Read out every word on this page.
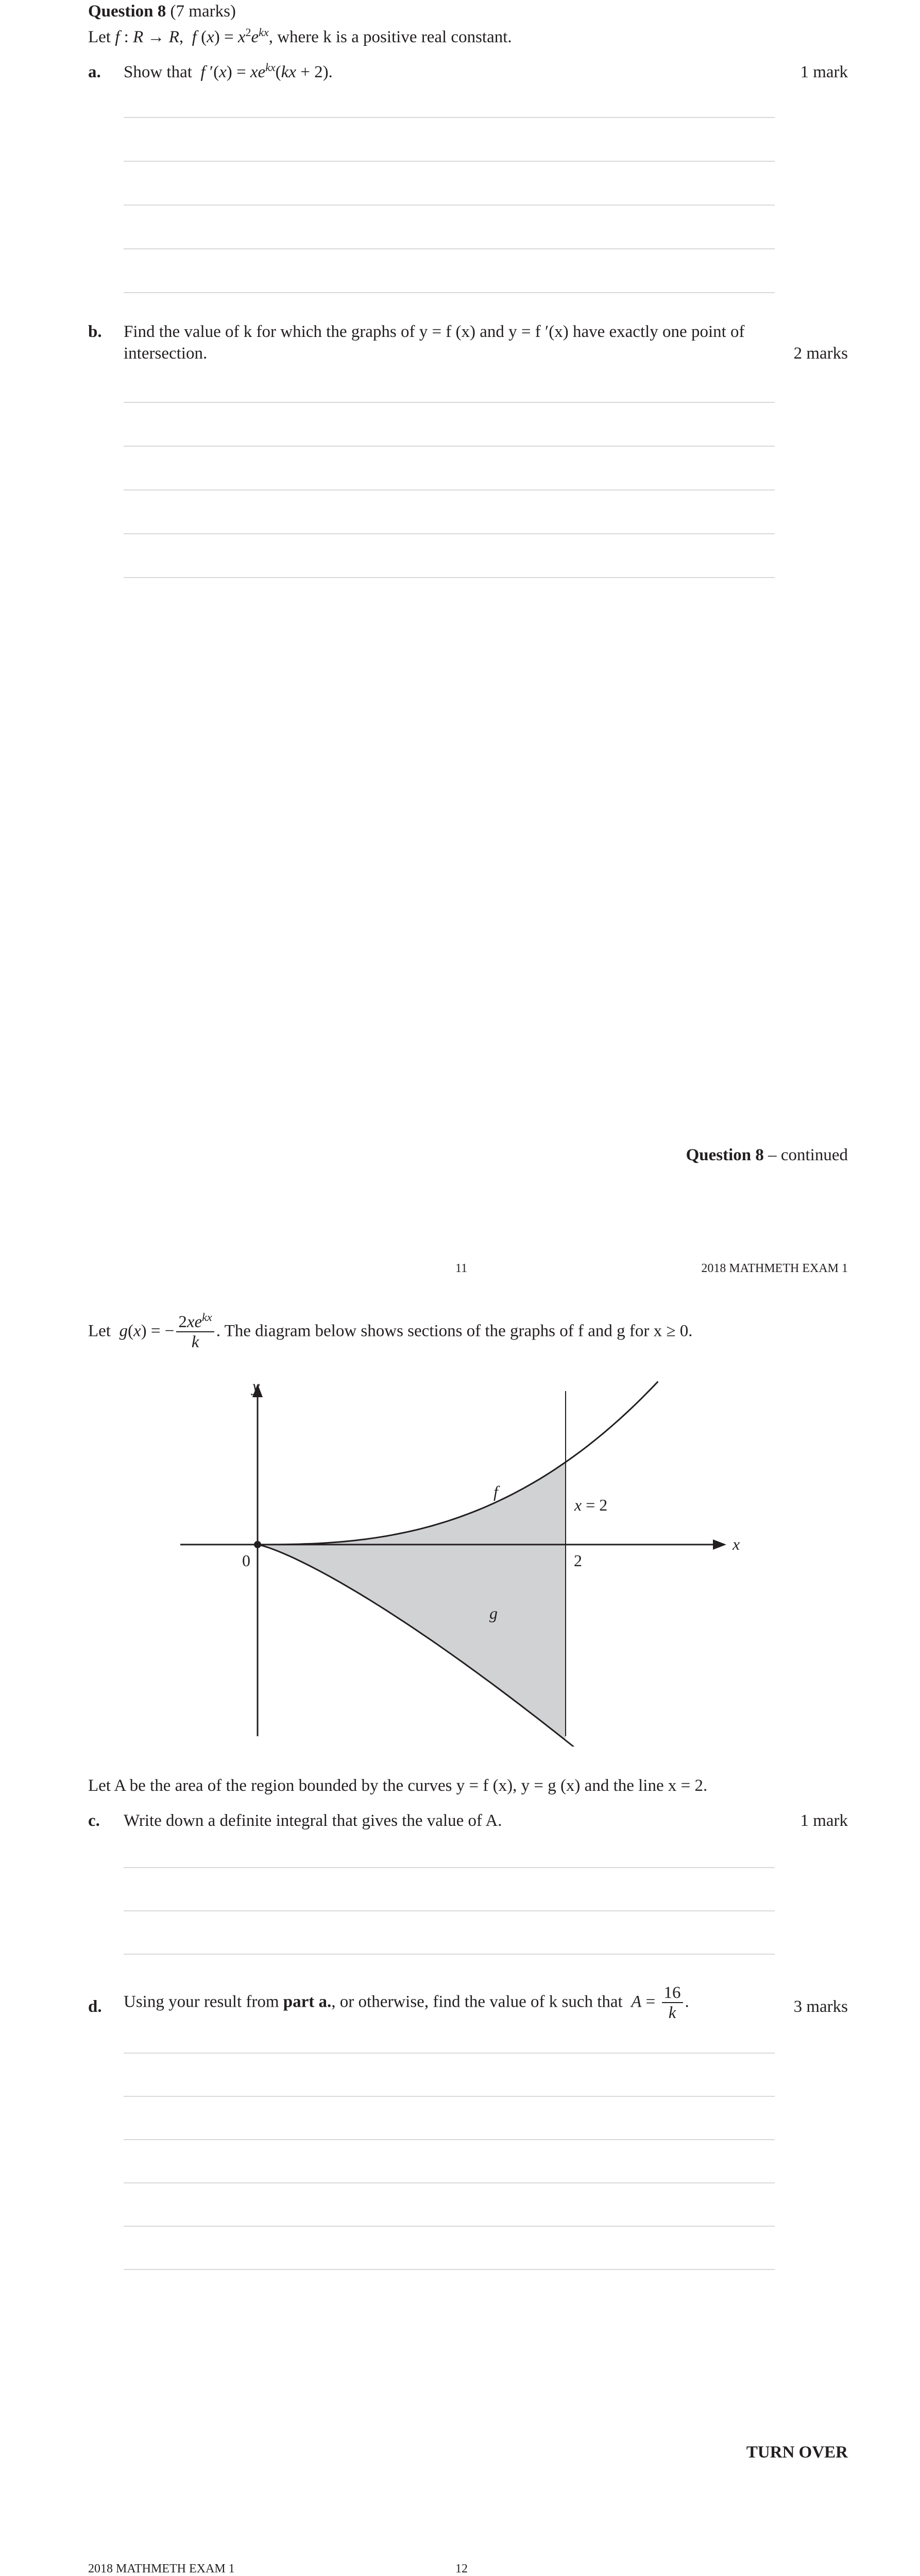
Question 8 (7 marks)
Let f : R → R,  f $(x) = x^2e^{kx}$, where k is a positive real constant.
a. Show that f $'(x) = xe^{kx}(kx + 2)$.	1 mark
b. Find the value of k for which the graphs of y = f (x) and y = f ′(x) have exactly one point of
intersection.	2 marks
Question 8 – continued
11	2018 MATHMETH EXAM 1
Let g(x) = − $\frac{2xe^{kx}}{k}$ . The diagram below shows sections of the graphs of f and g for x ≥ 0.
y
x
0	2
x = 2
f
g
Let A be the area of the region bounded by the curves y = f (x), y = g (x) and the line x = 2.
c. Write down a definite integral that gives the value of A.	1 mark
d. Using your result from part a., or otherwise, find the value of k such that $A = \frac{16}{k}$ .	3 marks
TURN OVER
2018 MATHMETH EXAM 1	12
